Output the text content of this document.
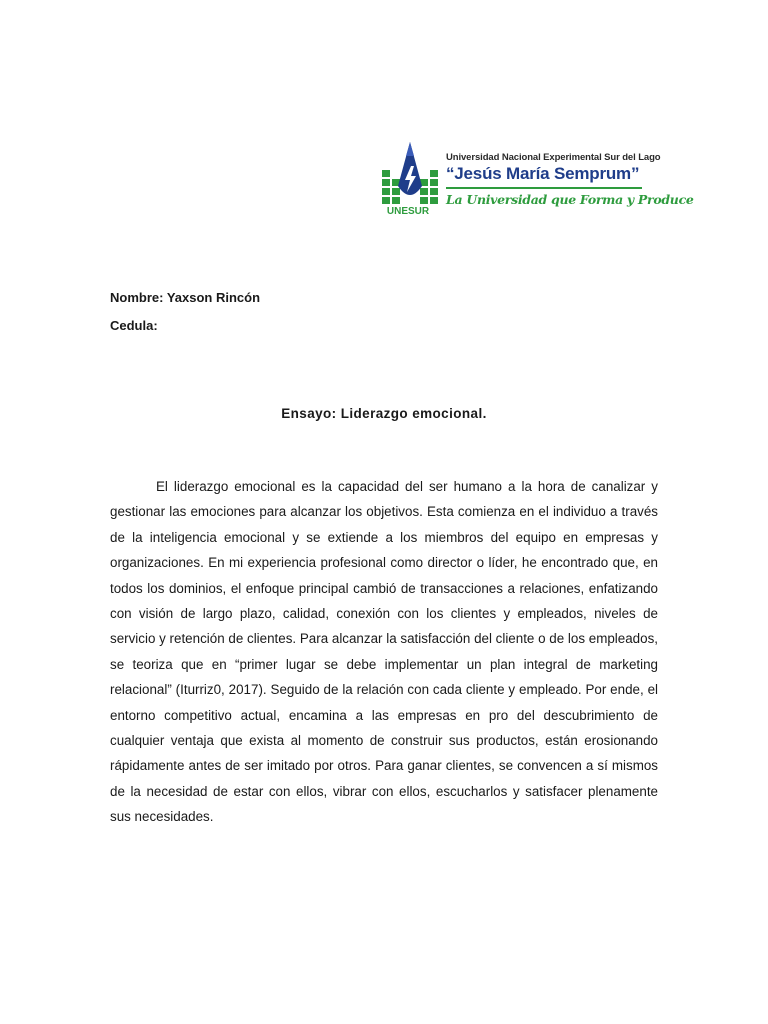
UNESUR
Universidad Nacional Experimental Sur del Lago
“Jesús María Semprum”
La Universidad que Forma y Produce
Nombre: Yaxson Rincón
Cedula:
Ensayo: Liderazgo emocional.

El liderazgo emocional es la capacidad del ser humano a la hora de canalizar y gestionar las emociones para alcanzar los objetivos. Esta comienza en el individuo a través de la inteligencia emocional y se extiende a los miembros del equipo en empresas y organizaciones. En mi experiencia profesional como director o líder, he encontrado que, en todos los dominios, el enfoque principal cambió de transacciones a relaciones, enfatizando con visión de largo plazo, calidad, conexión con los clientes y empleados, niveles de servicio y retención de clientes. Para alcanzar la satisfacción del cliente o de los empleados, se teoriza que en “primer lugar se debe implementar un plan integral de marketing relacional” (Iturriz0, 2017). Seguido de la relación con cada cliente y empleado. Por ende, el entorno competitivo actual, encamina a las empresas en pro del descubrimiento de cualquier ventaja que exista al momento de construir sus productos, están erosionando rápidamente antes de ser imitado por otros. Para ganar clientes, se convencen a sí mismos de la necesidad de estar con ellos, vibrar con ellos, escucharlos y satisfacer plenamente sus necesidades.
